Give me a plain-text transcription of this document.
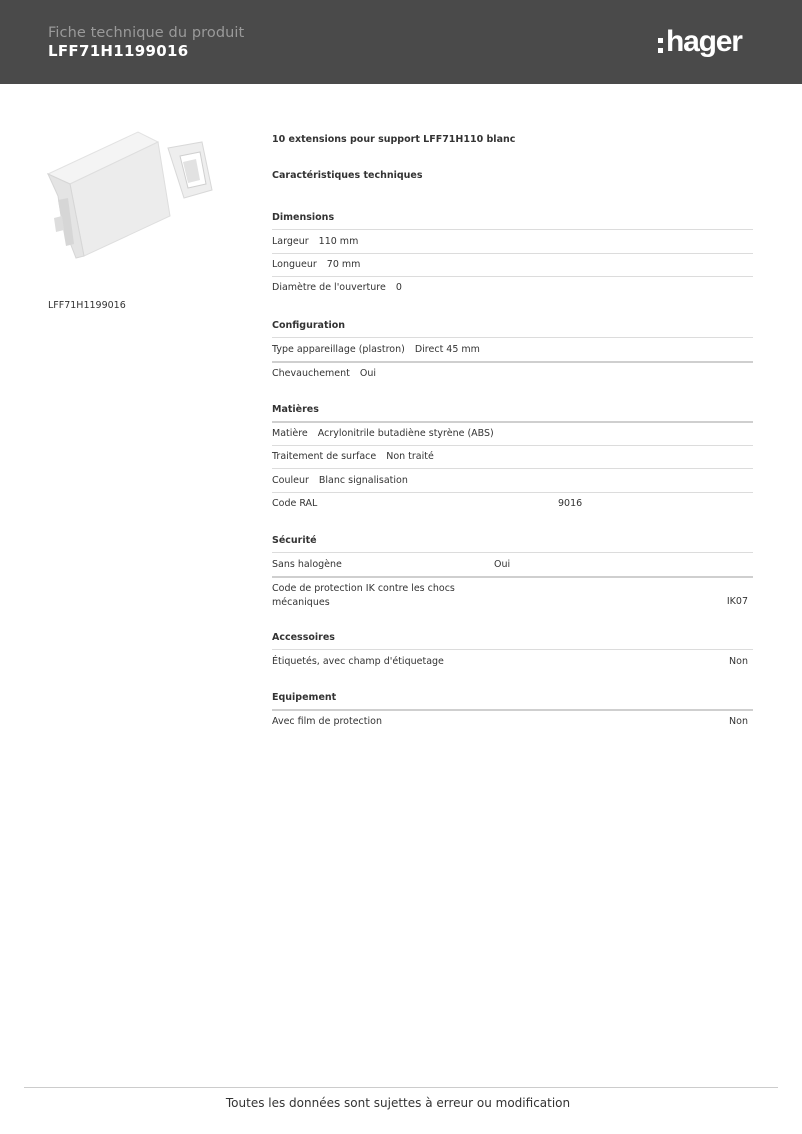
Fiche technique du produit
LFF71H1199016	hager
LFF71H1199016
10 extensions pour support LFF71H110 blanc
Caractéristiques techniques
Dimensions
Largeur 110 mm
Longueur 70 mm
Diamètre de l'ouverture 0
Configuration
Type appareillage (plastron) Direct 45 mm
Chevauchement Oui
Matières
Matière Acrylonitrile butadiène styrène (ABS)
Traitement de surface Non traité
Couleur Blanc signalisation
Code RAL	9016
Sécurité
Sans halogène	Oui
Code de protection IK contre les chocs mécaniques	IK07
Accessoires
Étiquetés, avec champ d'étiquetage	Non
Equipement
Avec film de protection	Non
Toutes les données sont sujettes à erreur ou modification
